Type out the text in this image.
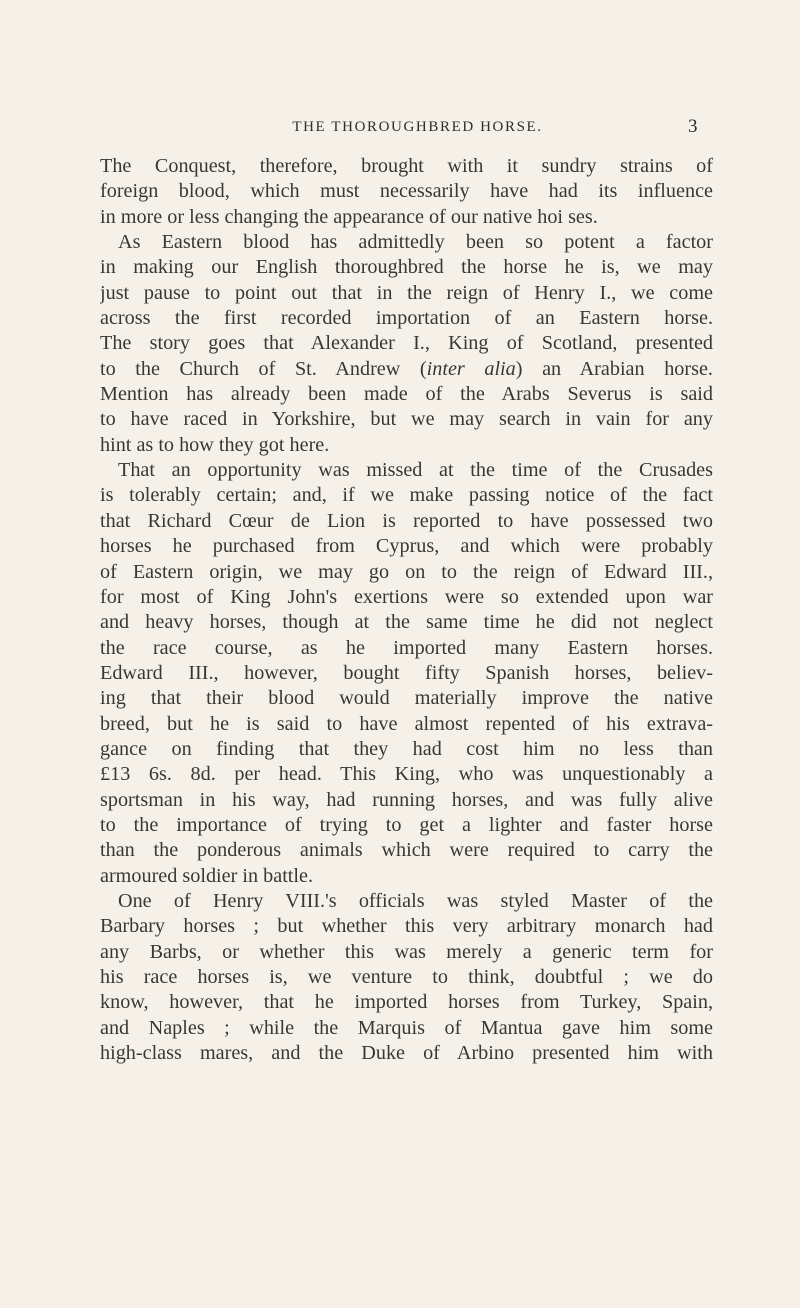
THE THOROUGHBRED HORSE.	3
The Conquest, therefore, brought with it sundry strains of
foreign blood, which must necessarily have had its influence
in more or less changing the appearance of our native hoi ses.
As Eastern blood has admittedly been so potent a factor
in making our English thoroughbred the horse he is, we may
just pause to point out that in the reign of Henry I., we come
across the first recorded importation of an Eastern horse.
The story goes that Alexander I., King of Scotland, presented
to the Church of St. Andrew (inter alia) an Arabian horse.
Mention has already been made of the Arabs Severus is said
to have raced in Yorkshire, but we may search in vain for any
hint as to how they got here.
That an opportunity was missed at the time of the Crusades
is tolerably certain; and, if we make passing notice of the fact
that Richard Cœur de Lion is reported to have possessed two
horses he purchased from Cyprus, and which were probably
of Eastern origin, we may go on to the reign of Edward III.,
for most of King John's exertions were so extended upon war
and heavy horses, though at the same time he did not neglect
the race course, as he imported many Eastern horses.
Edward III., however, bought fifty Spanish horses, believ-
ing that their blood would materially improve the native
breed, but he is said to have almost repented of his extrava-
gance on finding that they had cost him no less than
£13 6s. 8d. per head. This King, who was unquestionably a
sportsman in his way, had running horses, and was fully alive
to the importance of trying to get a lighter and faster horse
than the ponderous animals which were required to carry the
armoured soldier in battle.
One of Henry VIII.'s officials was styled Master of the
Barbary horses ; but whether this very arbitrary monarch had
any Barbs, or whether this was merely a generic term for
his race horses is, we venture to think, doubtful ; we do
know, however, that he imported horses from Turkey, Spain,
and Naples ; while the Marquis of Mantua gave him some
high-class mares, and the Duke of Arbino presented him with
